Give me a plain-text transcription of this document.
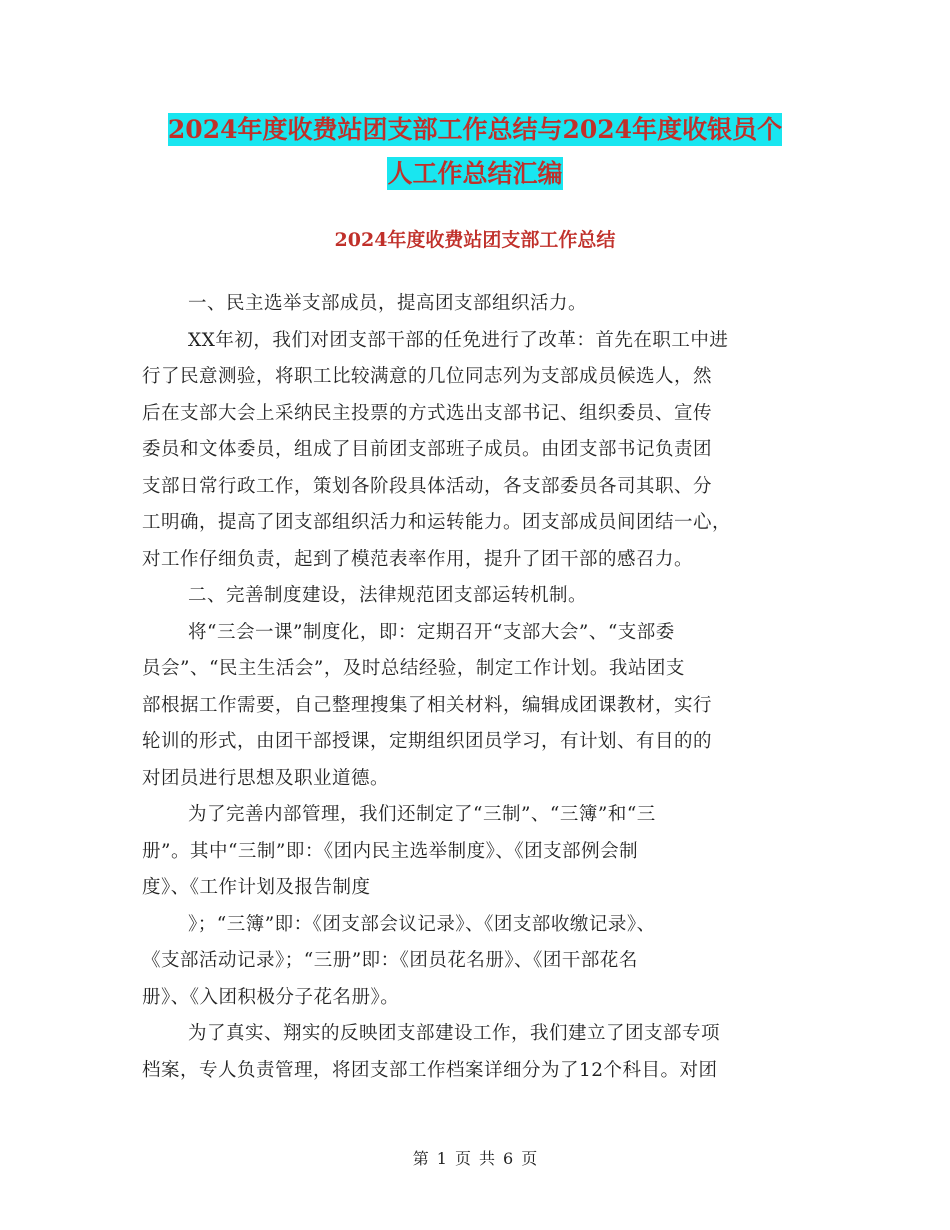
2024年度收费站团支部工作总结与2024年度收银员个
人工作总结汇编
2024年度收费站团支部工作总结

一、民主选举支部成员，提高团支部组织活力。

XX年初，我们对团支部干部的任免进行了改革：首先在职工中进
行了民意测验，将职工比较满意的几位同志列为支部成员候选人，然
后在支部大会上采纳民主投票的方式选出支部书记、组织委员、宣传
委员和文体委员，组成了目前团支部班子成员。由团支部书记负责团
支部日常行政工作，策划各阶段具体活动，各支部委员各司其职、分
工明确，提高了团支部组织活力和运转能力。团支部成员间团结一心，
对工作仔细负责，起到了模范表率作用，提升了团干部的感召力。

二、完善制度建设，法律规范团支部运转机制。

将“三会一课”制度化，即：定期召开“支部大会”、“支部委
员会”、“民主生活会”，及时总结经验，制定工作计划。我站团支
部根据工作需要，自己整理搜集了相关材料，编辑成团课教材，实行
轮训的形式，由团干部授课，定期组织团员学习，有计划、有目的的
对团员进行思想及职业道德。

为了完善内部管理，我们还制定了“三制”、“三簿”和“三
册”。其中“三制”即：《团内民主选举制度》、《团支部例会制
度》、《工作计划及报告制度
》；“三簿”即：《团支部会议记录》、《团支部收缴记录》、
《支部活动记录》；“三册”即：《团员花名册》、《团干部花名
册》、《入团积极分子花名册》。

为了真实、翔实的反映团支部建设工作，我们建立了团支部专项
档案，专人负责管理，将团支部工作档案详细分为了12个科目。对团

第 1 页 共 6 页
